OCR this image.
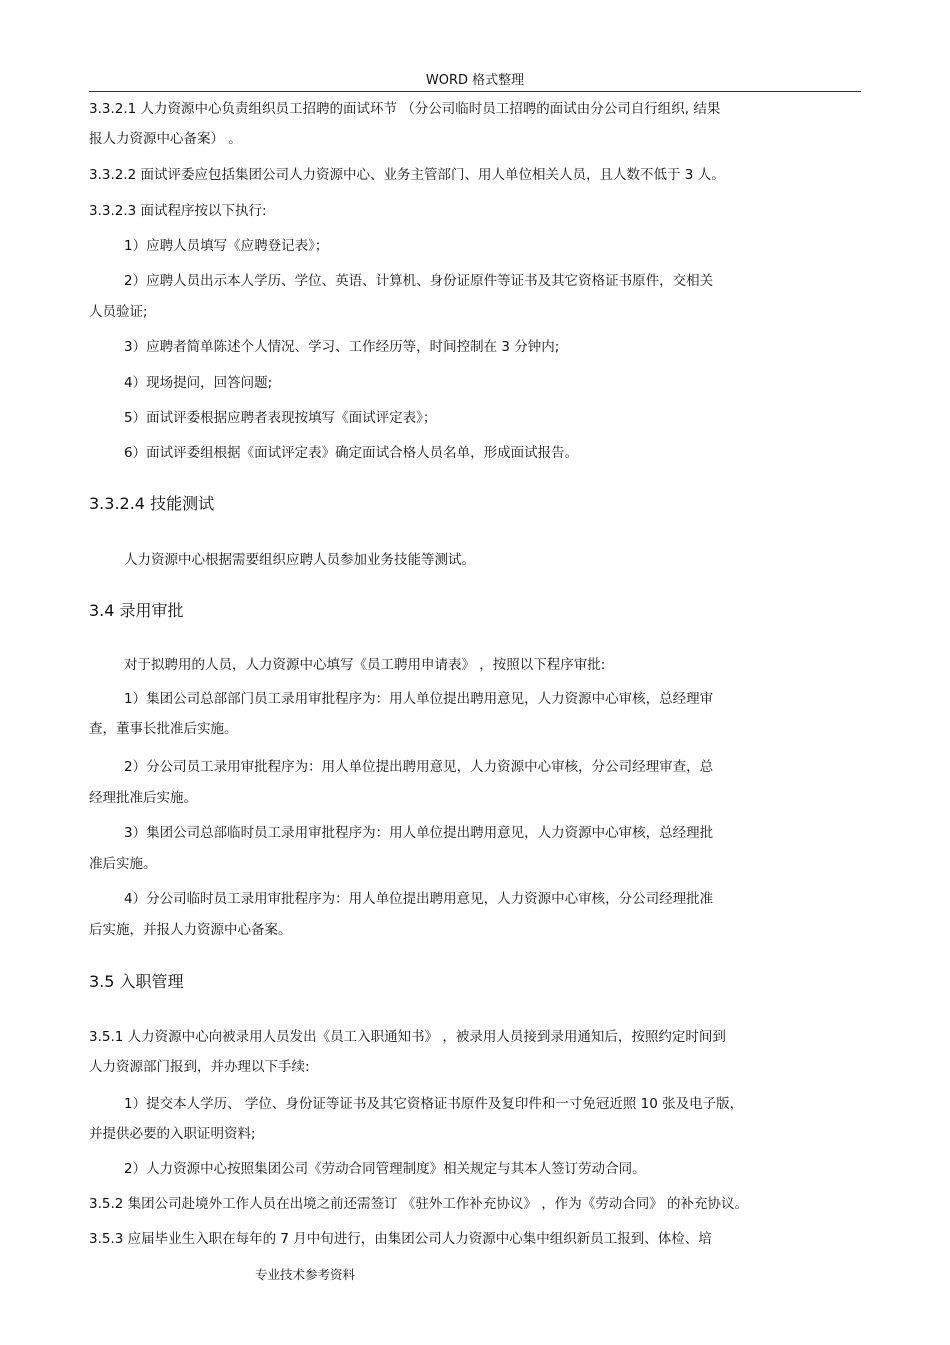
WORD 格式整理
3.3.2.1 人力资源中心负责组织员工招聘的面试环节 （分公司临时员工招聘的面试由分公司自行组织, 结果
报人力资源中心备案） 。
3.3.2.2 面试评委应包括集团公司人力资源中心、业务主管部门、用人单位相关人员，且人数不低于 3 人。
3.3.2.3 面试程序按以下执行:
1）应聘人员填写《应聘登记表》；
2）应聘人员出示本人学历、学位、英语、计算机、身份证原件等证书及其它资格证书原件，交相关
人员验证;
3）应聘者简单陈述个人情况、学习、工作经历等，时间控制在 3 分钟内;
4）现场提问，回答问题;
5）面试评委根据应聘者表现按填写《面试评定表》；
6）面试评委组根据《面试评定表》确定面试合格人员名单，形成面试报告。
3.3.2.4 技能测试
人力资源中心根据需要组织应聘人员参加业务技能等测试。
3.4 录用审批
对于拟聘用的人员，人力资源中心填写《员工聘用申请表》 ，按照以下程序审批:
1）集团公司总部部门员工录用审批程序为：用人单位提出聘用意见，人力资源中心审核，总经理审
查，董事长批准后实施。
2）分公司员工录用审批程序为：用人单位提出聘用意见，人力资源中心审核，分公司经理审查，总
经理批准后实施。
3）集团公司总部临时员工录用审批程序为：用人单位提出聘用意见，人力资源中心审核，总经理批
准后实施。
4）分公司临时员工录用审批程序为：用人单位提出聘用意见，人力资源中心审核，分公司经理批准
后实施，并报人力资源中心备案。
3.5 入职管理
3.5.1 人力资源中心向被录用人员发出《员工入职通知书》 ，被录用人员接到录用通知后，按照约定时间到
人力资源部门报到，并办理以下手续:
1）提交本人学历、 学位、身份证等证书及其它资格证书原件及复印件和一寸免冠近照 10 张及电子版，
并提供必要的入职证明资料;
2）人力资源中心按照集团公司《劳动合同管理制度》相关规定与其本人签订劳动合同。
3.5.2 集团公司赴境外工作人员在出境之前还需签订 《驻外工作补充协议》 ，作为《劳动合同》 的补充协议。
3.5.3 应届毕业生入职在每年的 7 月中旬进行，由集团公司人力资源中心集中组织新员工报到、体检、培
专业技术参考资料
